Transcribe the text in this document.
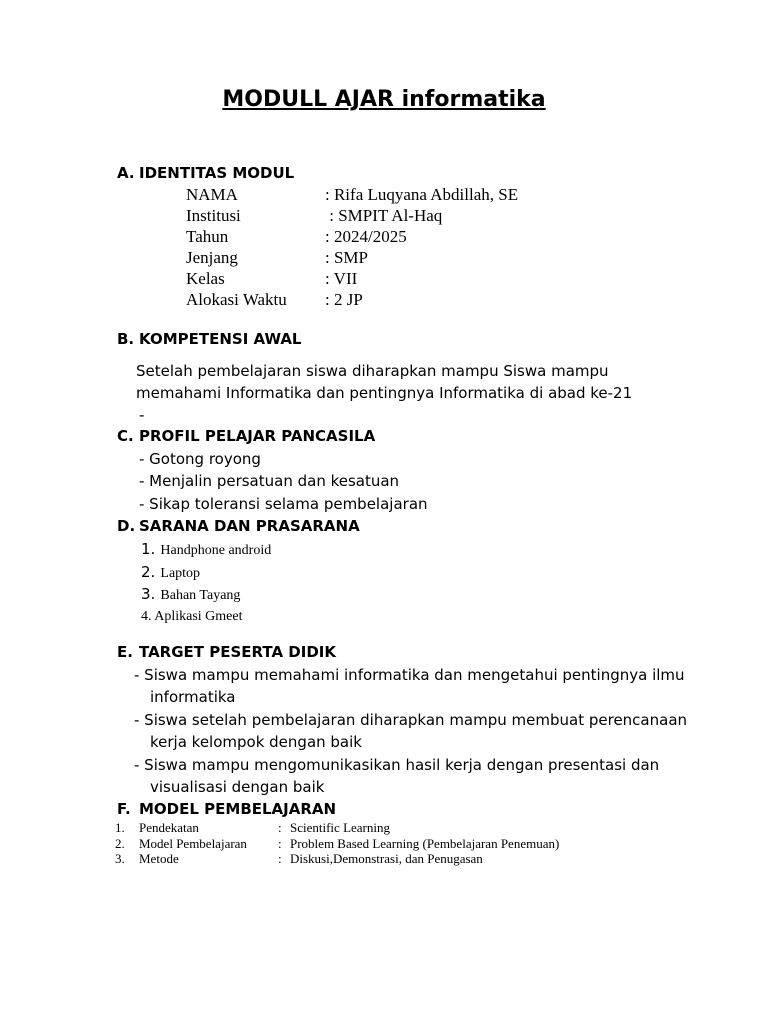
MODULL AJAR informatika
A. IDENTITAS MODUL
NAMA	: Rifa Luqyana Abdillah, SE
Institusi	: SMPIT Al-Haq
Tahun	: 2024/2025
Jenjang	: SMP
Kelas	: VII
Alokasi Waktu : 2 JP
B. KOMPETENSI AWAL
Setelah pembelajaran siswa diharapkan mampu Siswa mampu
memahami Informatika dan pentingnya Informatika di abad ke-21
-
C. PROFIL PELAJAR PANCASILA
- Gotong royong
- Menjalin persatuan dan kesatuan
- Sikap toleransi selama pembelajaran
D. SARANA DAN PRASARANA
1. Handphone android
2. Laptop
3. Bahan Tayang
4. Aplikasi Gmeet
E. TARGET PESERTA DIDIK
- Siswa mampu memahami informatika dan mengetahui pentingnya ilmu
informatika
- Siswa setelah pembelajaran diharapkan mampu membuat perencanaan
kerja kelompok dengan baik
- Siswa mampu mengomunikasikan hasil kerja dengan presentasi dan
visualisasi dengan baik
F. MODEL PEMBELAJARAN
1. Pendekatan	: Scientific Learning
2. Model Pembelajaran : Problem Based Learning (Pembelajaran Penemuan)
3. Metode	: Diskusi,Demonstrasi, dan Penugasan
